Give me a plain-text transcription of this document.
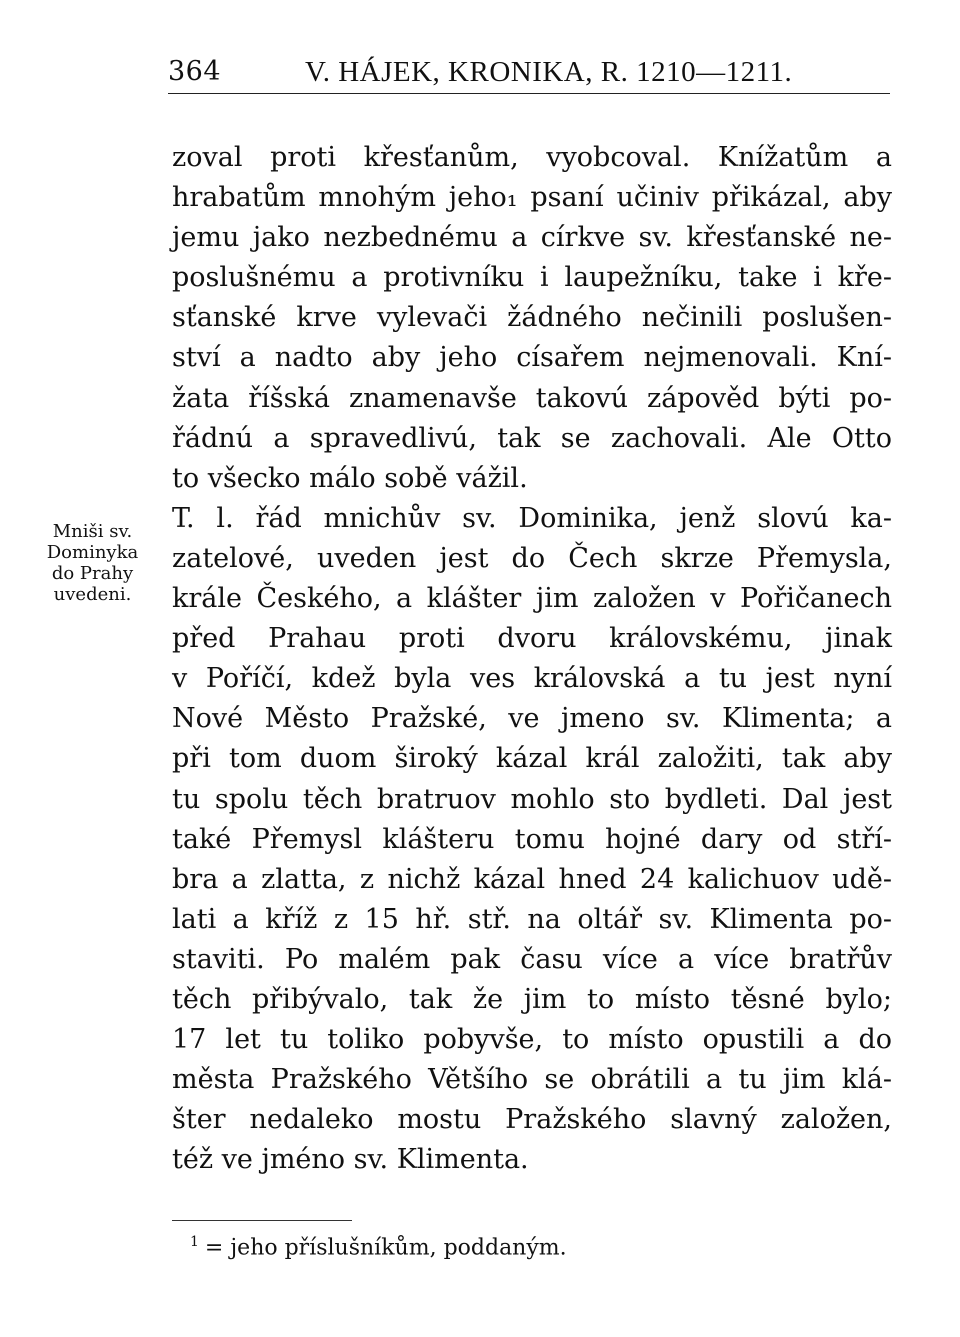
364	V. HÁJEK, KRONIKA, R. 1210—1211.
Mniši sv.
Dominyka
do Prahy
uvedeni.
zoval proti křesťanům, vyobcoval. Knížatům a
hrabatům mnohým jeho₁ psaní učiniv přikázal, aby
jemu jako nezbednému a církve sv. křesťanské ne-
poslušnému a protivníku i laupežníku, take i kře-
sťanské krve vylevači žádného nečinili poslušen-
ství a nadto aby jeho císařem nejmenovali. Kní-
žata říšská znamenavše takovú zápověd býti po-
řádnú a spravedlivú, tak se zachovali. Ale Otto
to všecko málo sobě vážil.
T. l. řád mnichův sv. Dominika, jenž slovú ka-
zatelové, uveden jest do Čech skrze Přemysla,
krále Českého, a klášter jim založen v Pořičanech
před Prahau proti dvoru královskému, jinak
v Poříčí, kdež byla ves královská a tu jest nyní
Nové Město Pražské, ve jmeno sv. Klimenta; a
při tom duom široký kázal král založiti, tak aby
tu spolu těch bratruov mohlo sto bydleti. Dal jest
také Přemysl klášteru tomu hojné dary od stří-
bra a zlatta, z nichž kázal hned 24 kalichuov udě-
lati a kříž z 15 hř. stř. na oltář sv. Klimenta po-
staviti. Po malém pak času více a více bratřův
těch přibývalo, tak že jim to místo těsné bylo;
17 let tu toliko pobyvše, to místo opustili a do
města Pražského Většího se obrátili a tu jim klá-
šter nedaleko mostu Pražského slavný založen,
též ve jméno sv. Klimenta.
$^1$ = jeho příslušníkům, poddaným.
